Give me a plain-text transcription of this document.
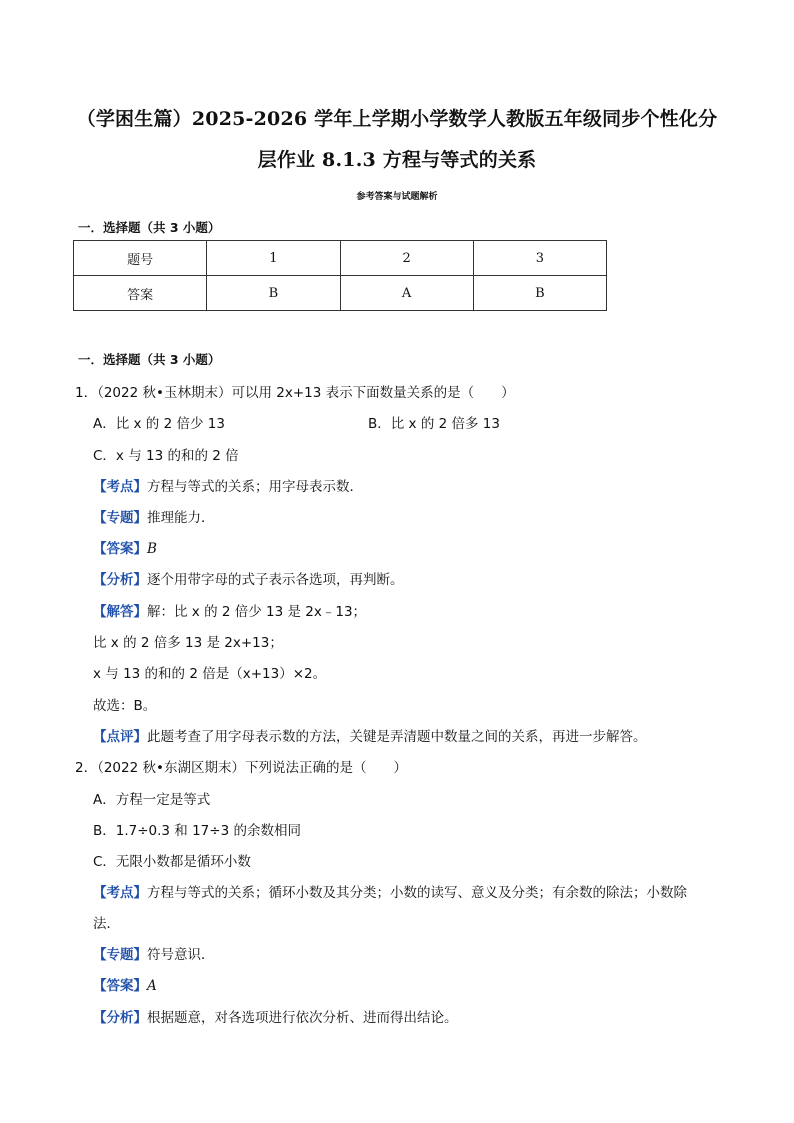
（学困生篇）2025-2026 学年上学期小学数学人教版五年级同步个性化分
层作业 8.1.3 方程与等式的关系
参考答案与试题解析
一．选择题（共 3 小题）
题号	1	2	3
答案	B	A	B
一．选择题（共 3 小题）
1．（2022 秋•玉林期末）可以用 2x+13 表示下面数量关系的是（　　）
A．比 x 的 2 倍少 13	B．比 x 的 2 倍多 13
C．x 与 13 的和的 2 倍
【考点】方程与等式的关系；用字母表示数．
【专题】推理能力．
【答案】B
【分析】逐个用带字母的式子表示各选项，再判断。
【解答】解：比 x 的 2 倍少 13 是 2x﹣13；
比 x 的 2 倍多 13 是 2x+13；
x 与 13 的和的 2 倍是（x+13）×2。
故选：B。
【点评】此题考查了用字母表示数的方法，关键是弄清题中数量之间的关系，再进一步解答。
2．（2022 秋•东湖区期末）下列说法正确的是（　　）
A．方程一定是等式
B．1.7÷0.3 和 17÷3 的余数相同
C．无限小数都是循环小数
【考点】方程与等式的关系；循环小数及其分类；小数的读写、意义及分类；有余数的除法；小数除
法．
【专题】符号意识．
【答案】A
【分析】根据题意，对各选项进行依次分析、进而得出结论。
